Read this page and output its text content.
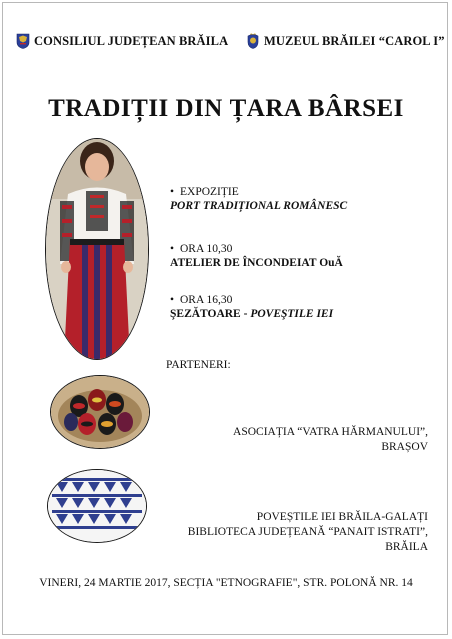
CONSILIUL JUDEȚEAN BRĂILA	MUZEUL BRĂILEI “CAROL I”
TRADIȚII DIN ȚARA BÂRSEI
• EXPOZIȚIE
PORT TRADIȚIONAL ROMÂNESC
• ORA 10,30
ATELIER DE ÎNCONDEIAT OuĂ
• ORA 16,30
ŞEZĂTOARE - POVEŞTILE IEI
PARTENERI:
ASOCIAȚIA “VATRA HĂRMANULUI”,
BRAȘOV
POVEȘTILE IEI BRĂILA-GALAȚI
BIBLIOTECA JUDEȚEANĂ “PANAIT ISTRATI”,
BRĂILA
VINERI, 24 MARTIE 2017, SECȚIA "ETNOGRAFIE", STR. POLONĂ NR. 14
